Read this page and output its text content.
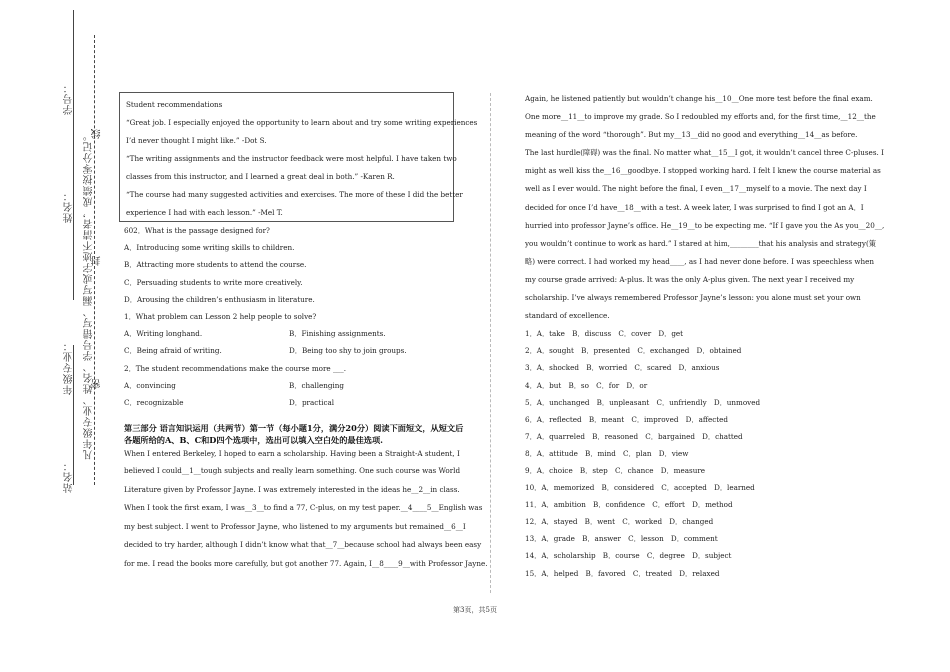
学号：
姓名：
年级专业：
站名：
凡年级专业、姓名、学号错写、漏写或字迹不清者，成绩按零分记。
线
封
密
Student recommendations
“Great job. I especially enjoyed the opportunity to learn about and try some writing experiences
I’d never thought I might like.” -Dot S.
“The writing assignments and the instructor feedback were most helpful. I have taken two
classes from this instructor, and I learned a great deal in both.” -Karen R.
“The course had many suggested activities and exercises. The more of these I did the better
experience I had with each lesson.” -Mel T.
602．What is the passage designed for?
A．Introducing some writing skills to children.
B．Attracting more students to attend the course.
C．Persuading students to write more creatively.
D．Arousing the children’s enthusiasm in literature.
1．What problem can Lesson 2 help people to solve?
A．Writing longhand.	B．Finishing assignments.
C．Being afraid of writing.	D．Being too shy to join groups.
2．The student recommendations make the course more ___.
A．convincing	B．challenging
C．recognizable	D．practical
第三部分 语言知识运用（共两节）第一节（每小题1分，满分20分）阅读下面短文，从短文后各题所给的A、B、C和D四个选项中，选出可以填入空白处的最佳选项.
When I entered Berkeley, I hoped to earn a scholarship. Having been a Straight-A student, I
believed I could__1__tough subjects and really learn something. One such course was World
Literature given by Professor Jayne. I was extremely interested in the ideas he__2__in class.
When I took the first exam, I was__3__to find a 77, C-plus, on my test paper.__4____5__English was
my best subject. I went to Professor Jayne, who listened to my arguments but remained__6__I
decided to try harder, although I didn’t know what that__7__because school had always been easy
for me. I read the books more carefully, but got another 77. Again, I__8____9__with Professor Jayne.
Again, he listened patiently but wouldn’t change his__10__One more test before the final exam.
One more__11__to improve my grade. So I redoubled my efforts and, for the first time,__12__the
meaning of the word “thorough”. But my__13__did no good and everything__14__as before.
The last hurdle(障碍) was the final. No matter what__15__I got, it wouldn’t cancel three C-pluses. I
might as well kiss the__16__goodbye. I stopped working hard. I felt I knew the course material as
well as I ever would. The night before the final, I even__17__myself to a movie. The next day I
decided for once I’d have__18__with a test. A week later, I was surprised to find I got an A．I
hurried into professor Jayne’s office. He__19__to be expecting me. “If I gave you the As you__20__,
you wouldn’t continue to work as hard.” I stared at him,________that his analysis and strategy(策
略) were correct. I had worked my head____, as I had never done before. I was speechless when
my course grade arrived: A-plus. It was the only A-plus given. The next year I received my
scholarship. I’ve always remembered Professor Jayne’s lesson: you alone must set your own
standard of excellence.
1．A．take　B．discuss　C．cover　D．get
2．A．sought　B．presented　C．exchanged　D．obtained
3．A．shocked　B．worried　C．scared　D．anxious
4．A．but　B．so　C．for　D．or
5．A．unchanged　B．unpleasant　C．unfriendly　D．unmoved
6．A．reflected　B．meant　C．improved　D．affected
7．A．quarreled　B．reasoned　C．bargained　D．chatted
8．A．attitude　B．mind　C．plan　D．view
9．A．choice　B．step　C．chance　D．measure
10．A．memorized　B．considered　C．accepted　D．learned
11．A．ambition　B．confidence　C．effort　D．method
12．A．stayed　B．went　C．worked　D．changed
13．A．grade　B．answer　C．lesson　D．comment
14．A．scholarship　B．course　C．degree　D．subject
15．A．helped　B．favored　C．treated　D．relaxed
第3页，共5页
